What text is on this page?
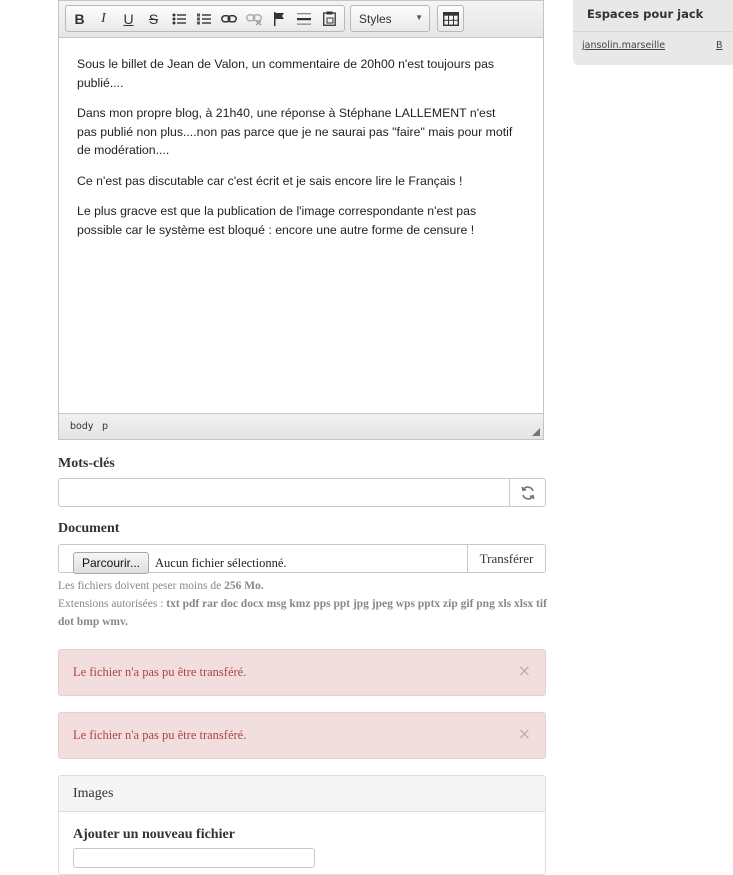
B	I	U	S	Styles	▼

Sous le billet de Jean de Valon, un commentaire de 20h00 n'est toujours pas publié....

Dans mon propre blog, à 21h40, une réponse à Stéphane LALLEMENT n'est pas publié non plus....non pas parce que je ne saurai pas "faire" mais pour motif de modération....

Ce n'est pas discutable car c'est écrit et je sais encore lire le Français !

Le plus gracve est que la publication de l'image correspondante n'est pas possible car le système est bloqué : encore une autre forme de censure !

body p
Mots-clés
Document
Parcourir...	Aucun fichier sélectionné.	Transférer
Les fichiers doivent peser moins de 256 Mo.
Extensions autorisées : txt pdf rar doc docx msg kmz pps ppt jpg jpeg wps pptx zip gif png xls xlsx tif dot bmp wmv.
Le fichier n'a pas pu être transféré.	×
Le fichier n'a pas pu être transféré.	×
Images
Ajouter un nouveau fichier
Espaces pour jack
jansolin.marseille	B
